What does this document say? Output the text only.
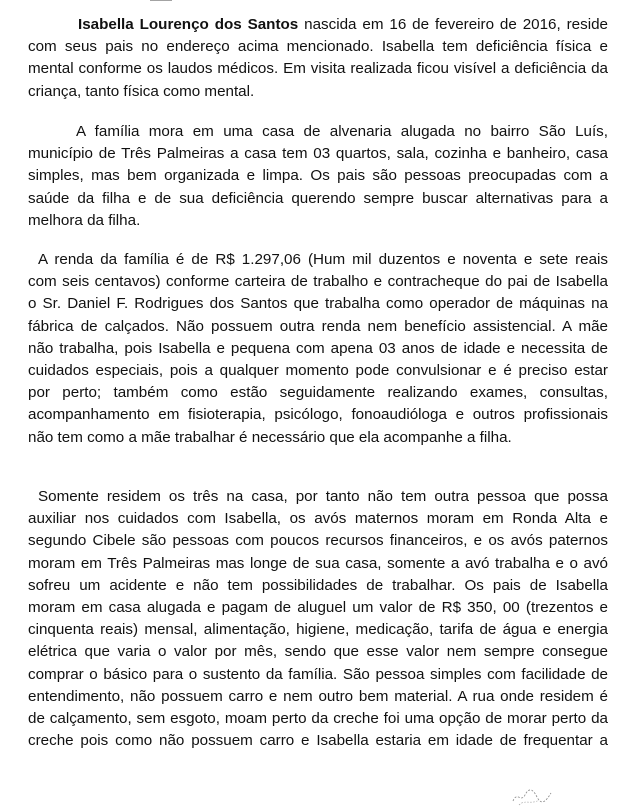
Isabella Lourenço dos Santos nascida em 16 de fevereiro de 2016, reside
com seus pais no endereço acima mencionado. Isabella tem deficiência física e
mental conforme os laudos médicos. Em visita realizada ficou visível a deficiência da
criança, tanto física como mental.
A família mora em uma casa de alvenaria alugada no bairro São Luís,
município de Três Palmeiras a casa tem 03 quartos, sala, cozinha e banheiro, casa
simples, mas bem organizada e limpa. Os pais são pessoas preocupadas com a
saúde da filha e de sua deficiência querendo sempre buscar alternativas para a
melhora da filha.
A renda da família é de R$ 1.297,06 (Hum mil duzentos e noventa e sete reais
com seis centavos) conforme carteira de trabalho e contracheque do pai de Isabella
o Sr. Daniel F. Rodrigues dos Santos que trabalha como operador de máquinas na
fábrica de calçados. Não possuem outra renda nem benefício assistencial. A mãe
não trabalha, pois Isabella e pequena com apena 03 anos de idade e necessita de
cuidados especiais, pois a qualquer momento pode convulsionar e é preciso estar
por perto; também como estão seguidamente realizando exames, consultas,
acompanhamento em fisioterapia, psicólogo, fonoaudióloga e outros profissionais
não tem como a mãe trabalhar é necessário que ela acompanhe a filha.
Somente residem os três na casa, por tanto não tem outra pessoa que possa
auxiliar nos cuidados com Isabella, os avós maternos moram em Ronda Alta e
segundo Cibele são pessoas com poucos recursos financeiros, e os avós paternos
moram em Três Palmeiras mas longe de sua casa, somente a avó trabalha e o avó
sofreu um acidente e não tem possibilidades de trabalhar. Os pais de Isabella
moram em casa alugada e pagam de aluguel um valor de R$ 350, 00 (trezentos e
cinquenta reais) mensal, alimentação, higiene, medicação, tarifa de água e energia
elétrica que varia o valor por mês, sendo que esse valor nem sempre consegue
comprar o básico para o sustento da família. São pessoa simples com facilidade de
entendimento, não possuem carro e nem outro bem material. A rua onde residem é
de calçamento, sem esgoto, moam perto da creche foi uma opção de morar perto da
creche pois como não possuem carro e Isabella estaria em idade de frequentar a
